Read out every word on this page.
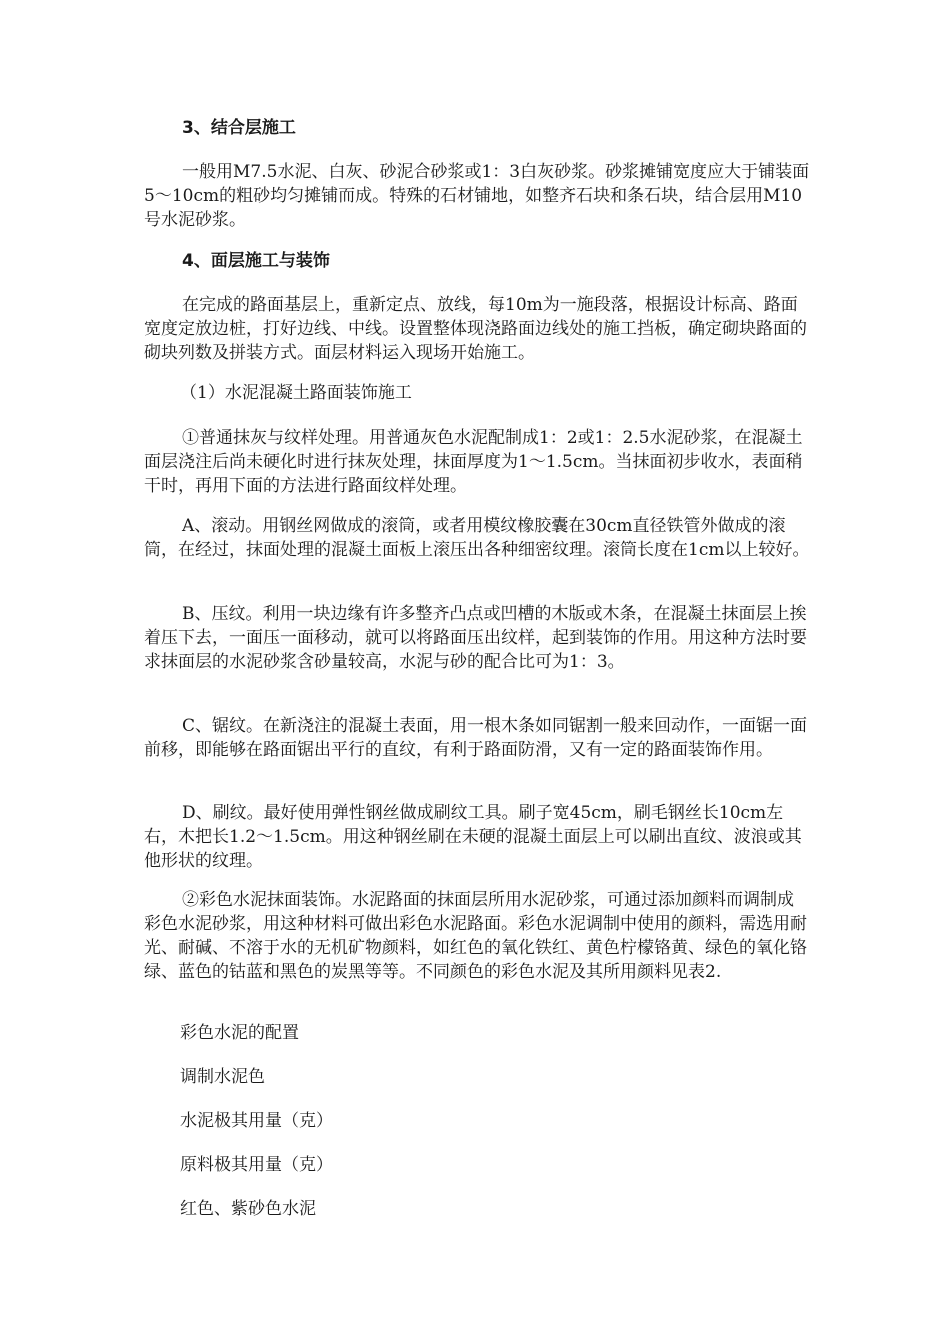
3、结合层施工

一般用M7.5水泥、白灰、砂泥合砂浆或1：3白灰砂浆。砂浆摊铺宽度应大于铺装面5～10cm的粗砂均匀摊铺而成。特殊的石材铺地，如整齐石块和条石块，结合层用M10号水泥砂浆。

4、面层施工与装饰

在完成的路面基层上，重新定点、放线，每10m为一施段落，根据设计标高、路面宽度定放边桩，打好边线、中线。设置整体现浇路面边线处的施工挡板，确定砌块路面的砌块列数及拼装方式。面层材料运入现场开始施工。

（1）水泥混凝土路面装饰施工

①普通抹灰与纹样处理。用普通灰色水泥配制成1：2或1：2.5水泥砂浆，在混凝土面层浇注后尚未硬化时进行抹灰处理，抹面厚度为1～1.5cm。当抹面初步收水，表面稍干时，再用下面的方法进行路面纹样处理。

A、滚动。用钢丝网做成的滚筒，或者用模纹橡胶囊在30cm直径铁管外做成的滚筒，在经过，抹面处理的混凝土面板上滚压出各种细密纹理。滚筒长度在1cm以上较好。

B、压纹。利用一块边缘有许多整齐凸点或凹槽的木版或木条，在混凝土抹面层上挨着压下去，一面压一面移动，就可以将路面压出纹样，起到装饰的作用。用这种方法时要求抹面层的水泥砂浆含砂量较高，水泥与砂的配合比可为1：3。

C、锯纹。在新浇注的混凝土表面，用一根木条如同锯割一般来回动作，一面锯一面前移，即能够在路面锯出平行的直纹，有利于路面防滑，又有一定的路面装饰作用。

D、刷纹。最好使用弹性钢丝做成刷纹工具。刷子宽45cm，刷毛钢丝长10cm左右，木把长1.2～1.5cm。用这种钢丝刷在未硬的混凝土面层上可以刷出直纹、波浪或其他形状的纹理。

②彩色水泥抹面装饰。水泥路面的抹面层所用水泥砂浆，可通过添加颜料而调制成彩色水泥砂浆，用这种材料可做出彩色水泥路面。彩色水泥调制中使用的颜料，需选用耐光、耐碱、不溶于水的无机矿物颜料，如红色的氧化铁红、黄色柠檬铬黄、绿色的氧化铬绿、蓝色的钴蓝和黑色的炭黑等等。不同颜色的彩色水泥及其所用颜料见表2.

彩色水泥的配置

调制水泥色

水泥极其用量（克）

原料极其用量（克）

红色、紫砂色水泥
